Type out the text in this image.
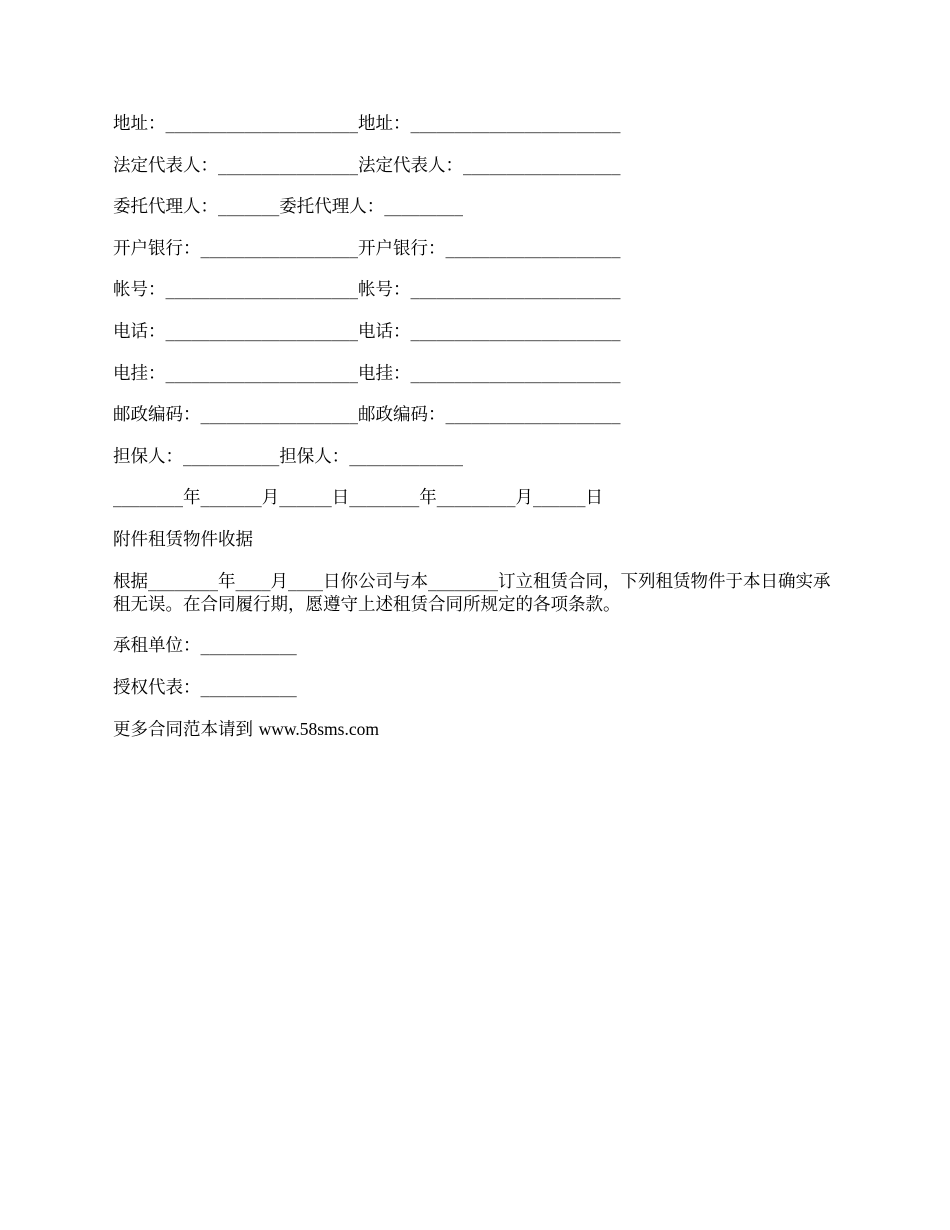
地址：______________________地址：________________________
法定代表人：________________法定代表人：__________________
委托代理人：_______委托代理人：_________
开户银行：__________________开户银行：____________________
帐号：______________________帐号：________________________
电话：______________________电话：________________________
电挂：______________________电挂：________________________
邮政编码：__________________邮政编码：____________________
担保人：___________担保人：_____________
________年_______月______日________年_________月______日
附件租赁物件收据
根据________年____月____日你公司与本________订立租赁合同，下列租赁物件于本日确实承租无误。在合同履行期，愿遵守上述租赁合同所规定的各项条款。
承租单位：___________
授权代表：___________
更多合同范本请到 www.58sms.com
